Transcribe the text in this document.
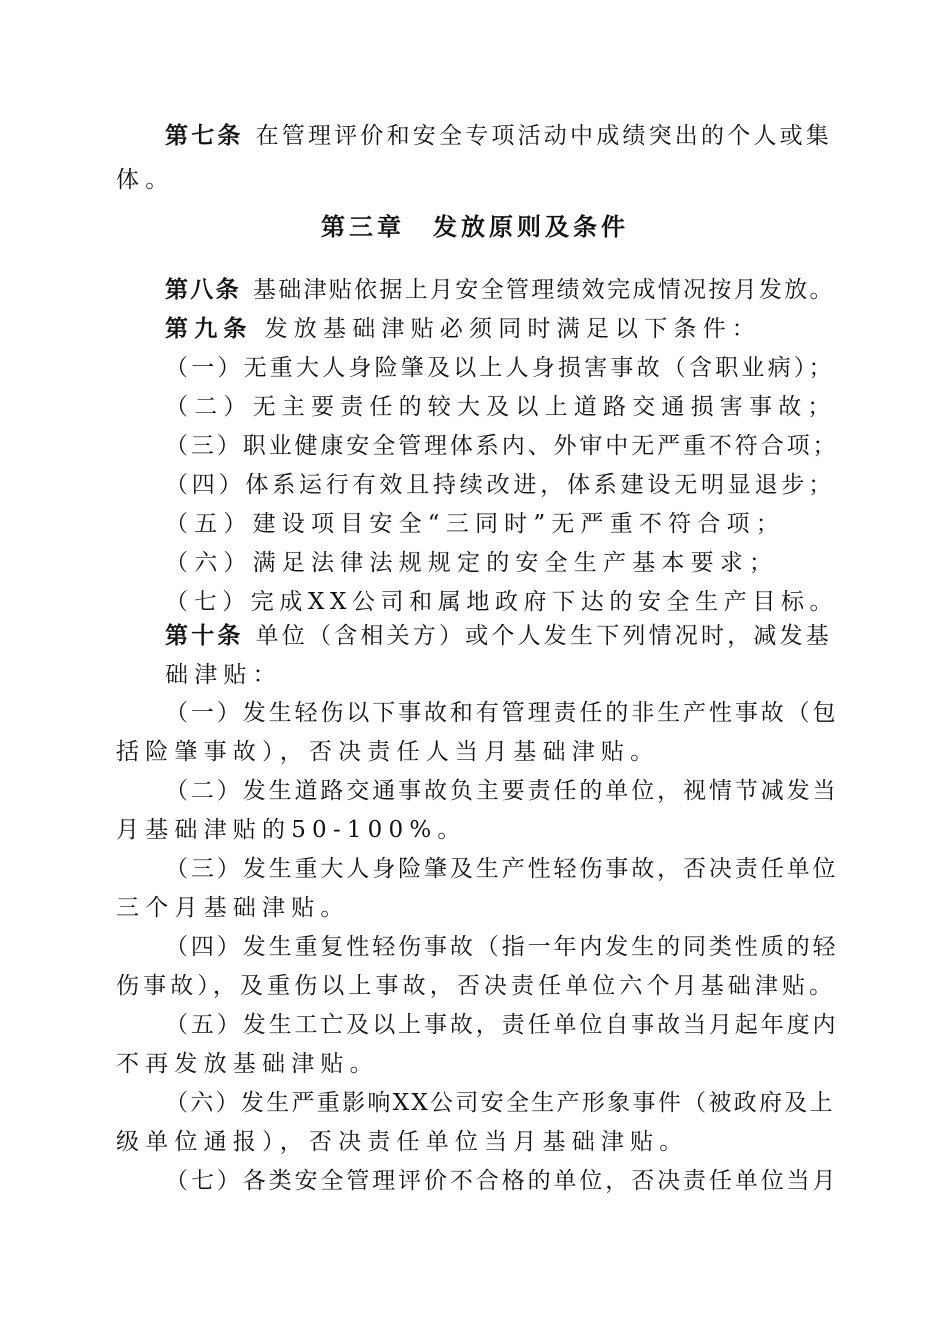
第七条 在管理评价和安全专项活动中成绩突出的个人或集
体。
第三章 发放原则及条件
第八条 基础津贴依据上月安全管理绩效完成情况按月发放。
第九条 发放基础津贴必须同时满足以下条件：
（一）无重大人身险肇及以上人身损害事故（含职业病）；
（二）无主要责任的较大及以上道路交通损害事故；
（三）职业健康安全管理体系内、外审中无严重不符合项；
（四）体系运行有效且持续改进，体系建设无明显退步；
（五）建设项目安全“三同时”无严重不符合项；
（六）满足法律法规规定的安全生产基本要求；
（七）完成XX公司和属地政府下达的安全生产目标。
第十条 单位（含相关方）或个人发生下列情况时，减发基
础津贴：
（一）发生轻伤以下事故和有管理责任的非生产性事故（包
括险肇事故），否决责任人当月基础津贴。
（二）发生道路交通事故负主要责任的单位，视情节减发当
月基础津贴的50-100%。
（三）发生重大人身险肇及生产性轻伤事故，否决责任单位
三个月基础津贴。
（四）发生重复性轻伤事故（指一年内发生的同类性质的轻
伤事故），及重伤以上事故，否决责任单位六个月基础津贴。
（五）发生工亡及以上事故，责任单位自事故当月起年度内
不再发放基础津贴。
（六）发生严重影响XX公司安全生产形象事件（被政府及上
级单位通报），否决责任单位当月基础津贴。
（七）各类安全管理评价不合格的单位，否决责任单位当月
